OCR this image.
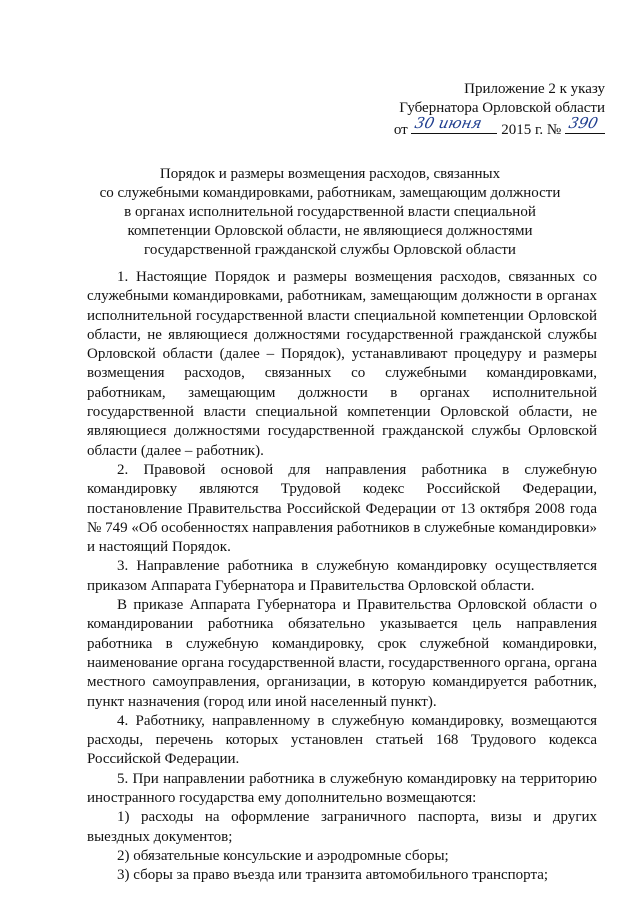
Приложение 2 к указу
Губернатора Орловской области
от 30 июня 2015 г. № 390
Порядок и размеры возмещения расходов, связанных
со служебными командировками, работникам, замещающим должности
в органах исполнительной государственной власти специальной
компетенции Орловской области, не являющиеся должностями
государственной гражданской службы Орловской области

1. Настоящие Порядок и размеры возмещения расходов, связанных со служебными командировками, работникам, замещающим должности в органах исполнительной государственной власти специальной компетенции Орловской области, не являющиеся должностями государственной гражданской службы Орловской области (далее – Порядок), устанавливают процедуру и размеры возмещения расходов, связанных со служебными командировками, работникам, замещающим должности в органах исполнительной государственной власти специальной компетенции Орловской области, не являющиеся должностями государственной гражданской службы Орловской области (далее – работник).

2. Правовой основой для направления работника в служебную командировку являются Трудовой кодекс Российской Федерации, постановление Правительства Российской Федерации от 13 октября 2008 года № 749 «Об особенностях направления работников в служебные командировки» и настоящий Порядок.

3. Направление работника в служебную командировку осуществляется приказом Аппарата Губернатора и Правительства Орловской области.

В приказе Аппарата Губернатора и Правительства Орловской области о командировании работника обязательно указывается цель направления работника в служебную командировку, срок служебной командировки, наименование органа государственной власти, государственного органа, органа местного самоуправления, организации, в которую командируется работник, пункт назначения (город или иной населенный пункт).

4. Работнику, направленному в служебную командировку, возмещаются расходы, перечень которых установлен статьей 168 Трудового кодекса Российской Федерации.

5. При направлении работника в служебную командировку на территорию иностранного государства ему дополнительно возмещаются:

1) расходы на оформление заграничного паспорта, визы и других выездных документов;

2) обязательные консульские и аэродромные сборы;

3) сборы за право въезда или транзита автомобильного транспорта;
